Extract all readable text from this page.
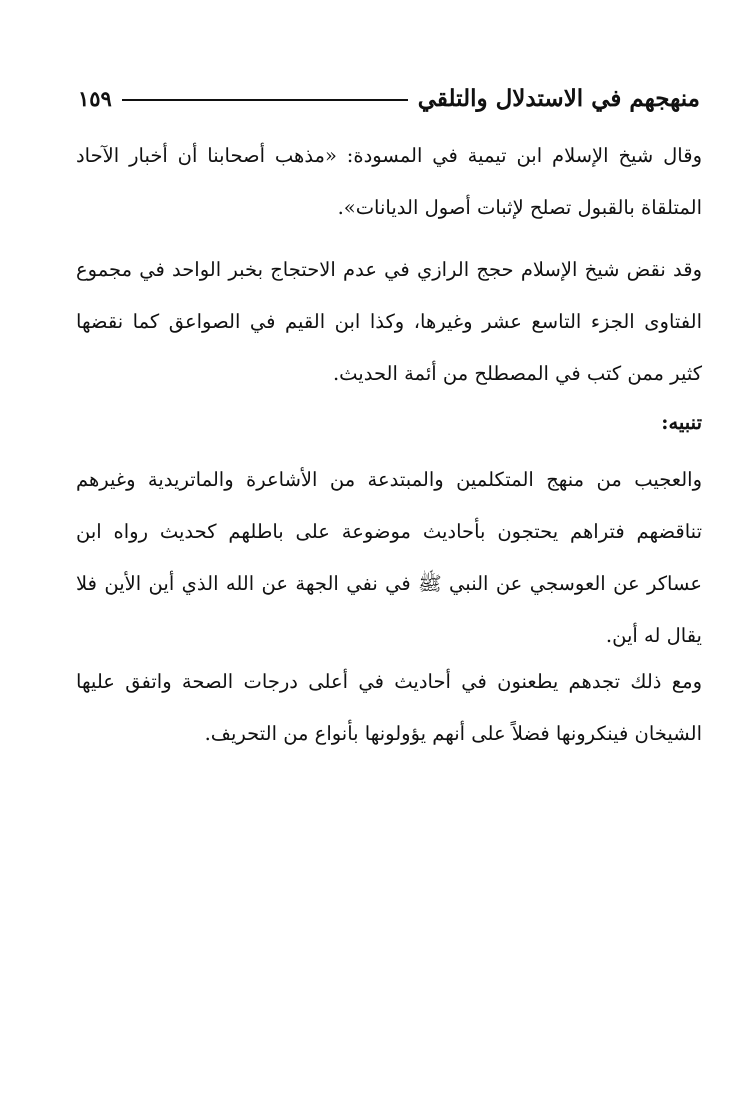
١٥٩	منهجهم في الاستدلال والتلقي

وقال شيخ الإسلام ابن تيمية في المسودة: «مذهب أصحابنا أن أخبار الآحاد المتلقاة بالقبول تصلح لإثبات أصول الديانات».

وقد نقض شيخ الإسلام حجج الرازي في عدم الاحتجاج بخبر الواحد في مجموع الفتاوى الجزء التاسع عشر وغيرها، وكذا ابن القيم في الصواعق كما نقضها كثير ممن كتب في المصطلح من أئمة الحديث.

تنبيه:

والعجيب من منهج المتكلمين والمبتدعة من الأشاعرة والماتريدية وغيرهم تناقضهم فتراهم يحتجون بأحاديث موضوعة على باطلهم كحديث رواه ابن عساكر عن العوسجي عن النبي ﷺ في نفي الجهة عن الله الذي أين الأين فلا يقال له أين.

ومع ذلك تجدهم يطعنون في أحاديث في أعلى درجات الصحة واتفق عليها الشيخان فينكرونها فضلاً على أنهم يؤولونها بأنواع من التحريف.
